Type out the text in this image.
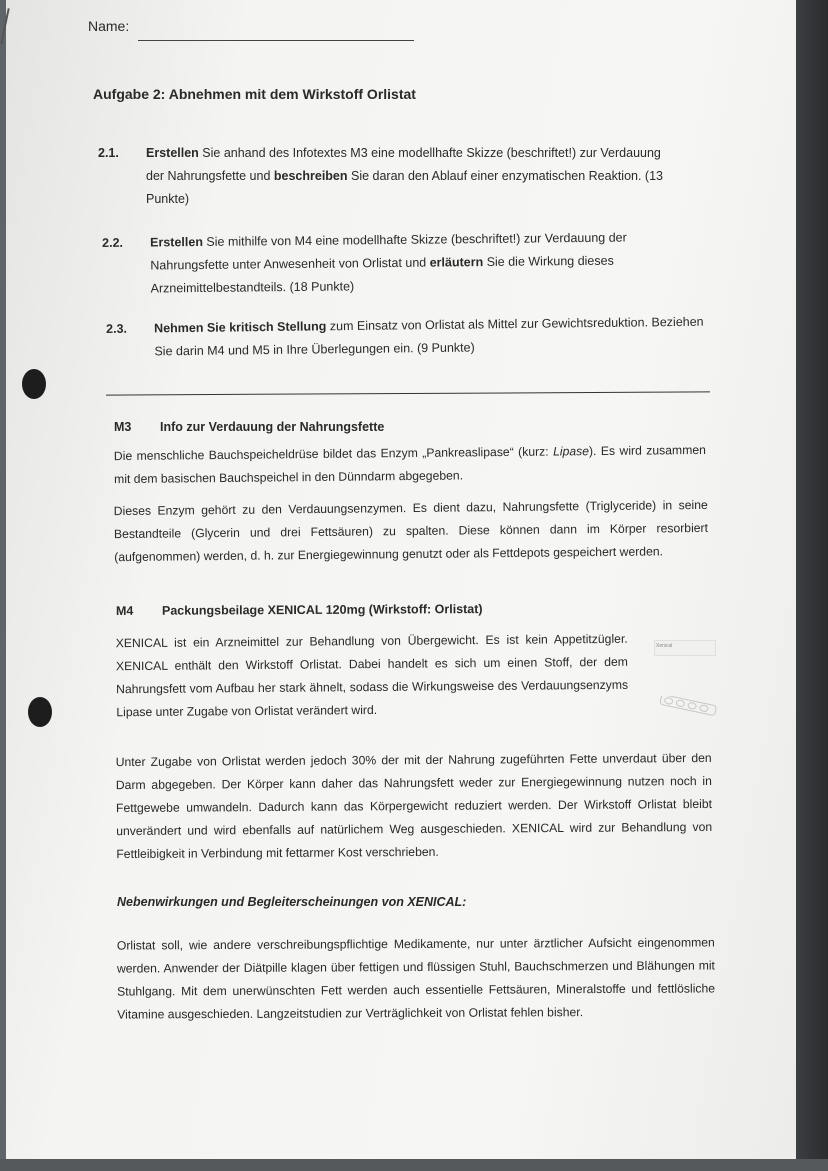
Name:
Aufgabe 2: Abnehmen mit dem Wirkstoff Orlistat
2.1. Erstellen Sie anhand des Infotextes M3 eine modellhafte Skizze (beschriftet!) zur Verdauung der Nahrungsfette und beschreiben Sie daran den Ablauf einer enzymatischen Reaktion. (13 Punkte)
2.2. Erstellen Sie mithilfe von M4 eine modellhafte Skizze (beschriftet!) zur Verdauung der Nahrungsfette unter Anwesenheit von Orlistat und erläutern Sie die Wirkung dieses Arzneimittelbestandteils. (18 Punkte)
2.3. Nehmen Sie kritisch Stellung zum Einsatz von Orlistat als Mittel zur Gewichtsreduktion. Beziehen Sie darin M4 und M5 in Ihre Überlegungen ein. (9 Punkte)
M3 Info zur Verdauung der Nahrungsfette

Die menschliche Bauchspeicheldrüse bildet das Enzym „Pankreaslipase“ (kurz: Lipase). Es wird zusammen mit dem basischen Bauchspeichel in den Dünndarm abgegeben.

Dieses Enzym gehört zu den Verdauungsenzymen. Es dient dazu, Nahrungsfette (Triglyceride) in seine Bestandteile (Glycerin und drei Fettsäuren) zu spalten. Diese können dann im Körper resorbiert (aufgenommen) werden, d. h. zur Energiegewinnung genutzt oder als Fettdepots gespeichert werden.

M4 Packungsbeilage XENICAL 120mg (Wirkstoff: Orlistat)

XENICAL ist ein Arzneimittel zur Behandlung von Übergewicht. Es ist kein Appetitzügler. XENICAL enthält den Wirkstoff Orlistat. Dabei handelt es sich um einen Stoff, der dem Nahrungsfett vom Aufbau her stark ähnelt, sodass die Wirkungsweise des Verdauungsenzyms Lipase unter Zugabe von Orlistat verändert wird.

Xenical

Unter Zugabe von Orlistat werden jedoch 30% der mit der Nahrung zugeführten Fette unverdaut über den Darm abgegeben. Der Körper kann daher das Nahrungsfett weder zur Energiegewinnung nutzen noch in Fettgewebe umwandeln. Dadurch kann das Körpergewicht reduziert werden. Der Wirkstoff Orlistat bleibt unverändert und wird ebenfalls auf natürlichem Weg ausgeschieden. XENICAL wird zur Behandlung von Fettleibigkeit in Verbindung mit fettarmer Kost verschrieben.

Nebenwirkungen und Begleiterscheinungen von XENICAL:

Orlistat soll, wie andere verschreibungspflichtige Medikamente, nur unter ärztlicher Aufsicht eingenommen werden. Anwender der Diätpille klagen über fettigen und flüssigen Stuhl, Bauchschmerzen und Blähungen mit Stuhlgang. Mit dem unerwünschten Fett werden auch essentielle Fettsäuren, Mineralstoffe und fettlösliche Vitamine ausgeschieden. Langzeitstudien zur Verträglichkeit von Orlistat fehlen bisher.
